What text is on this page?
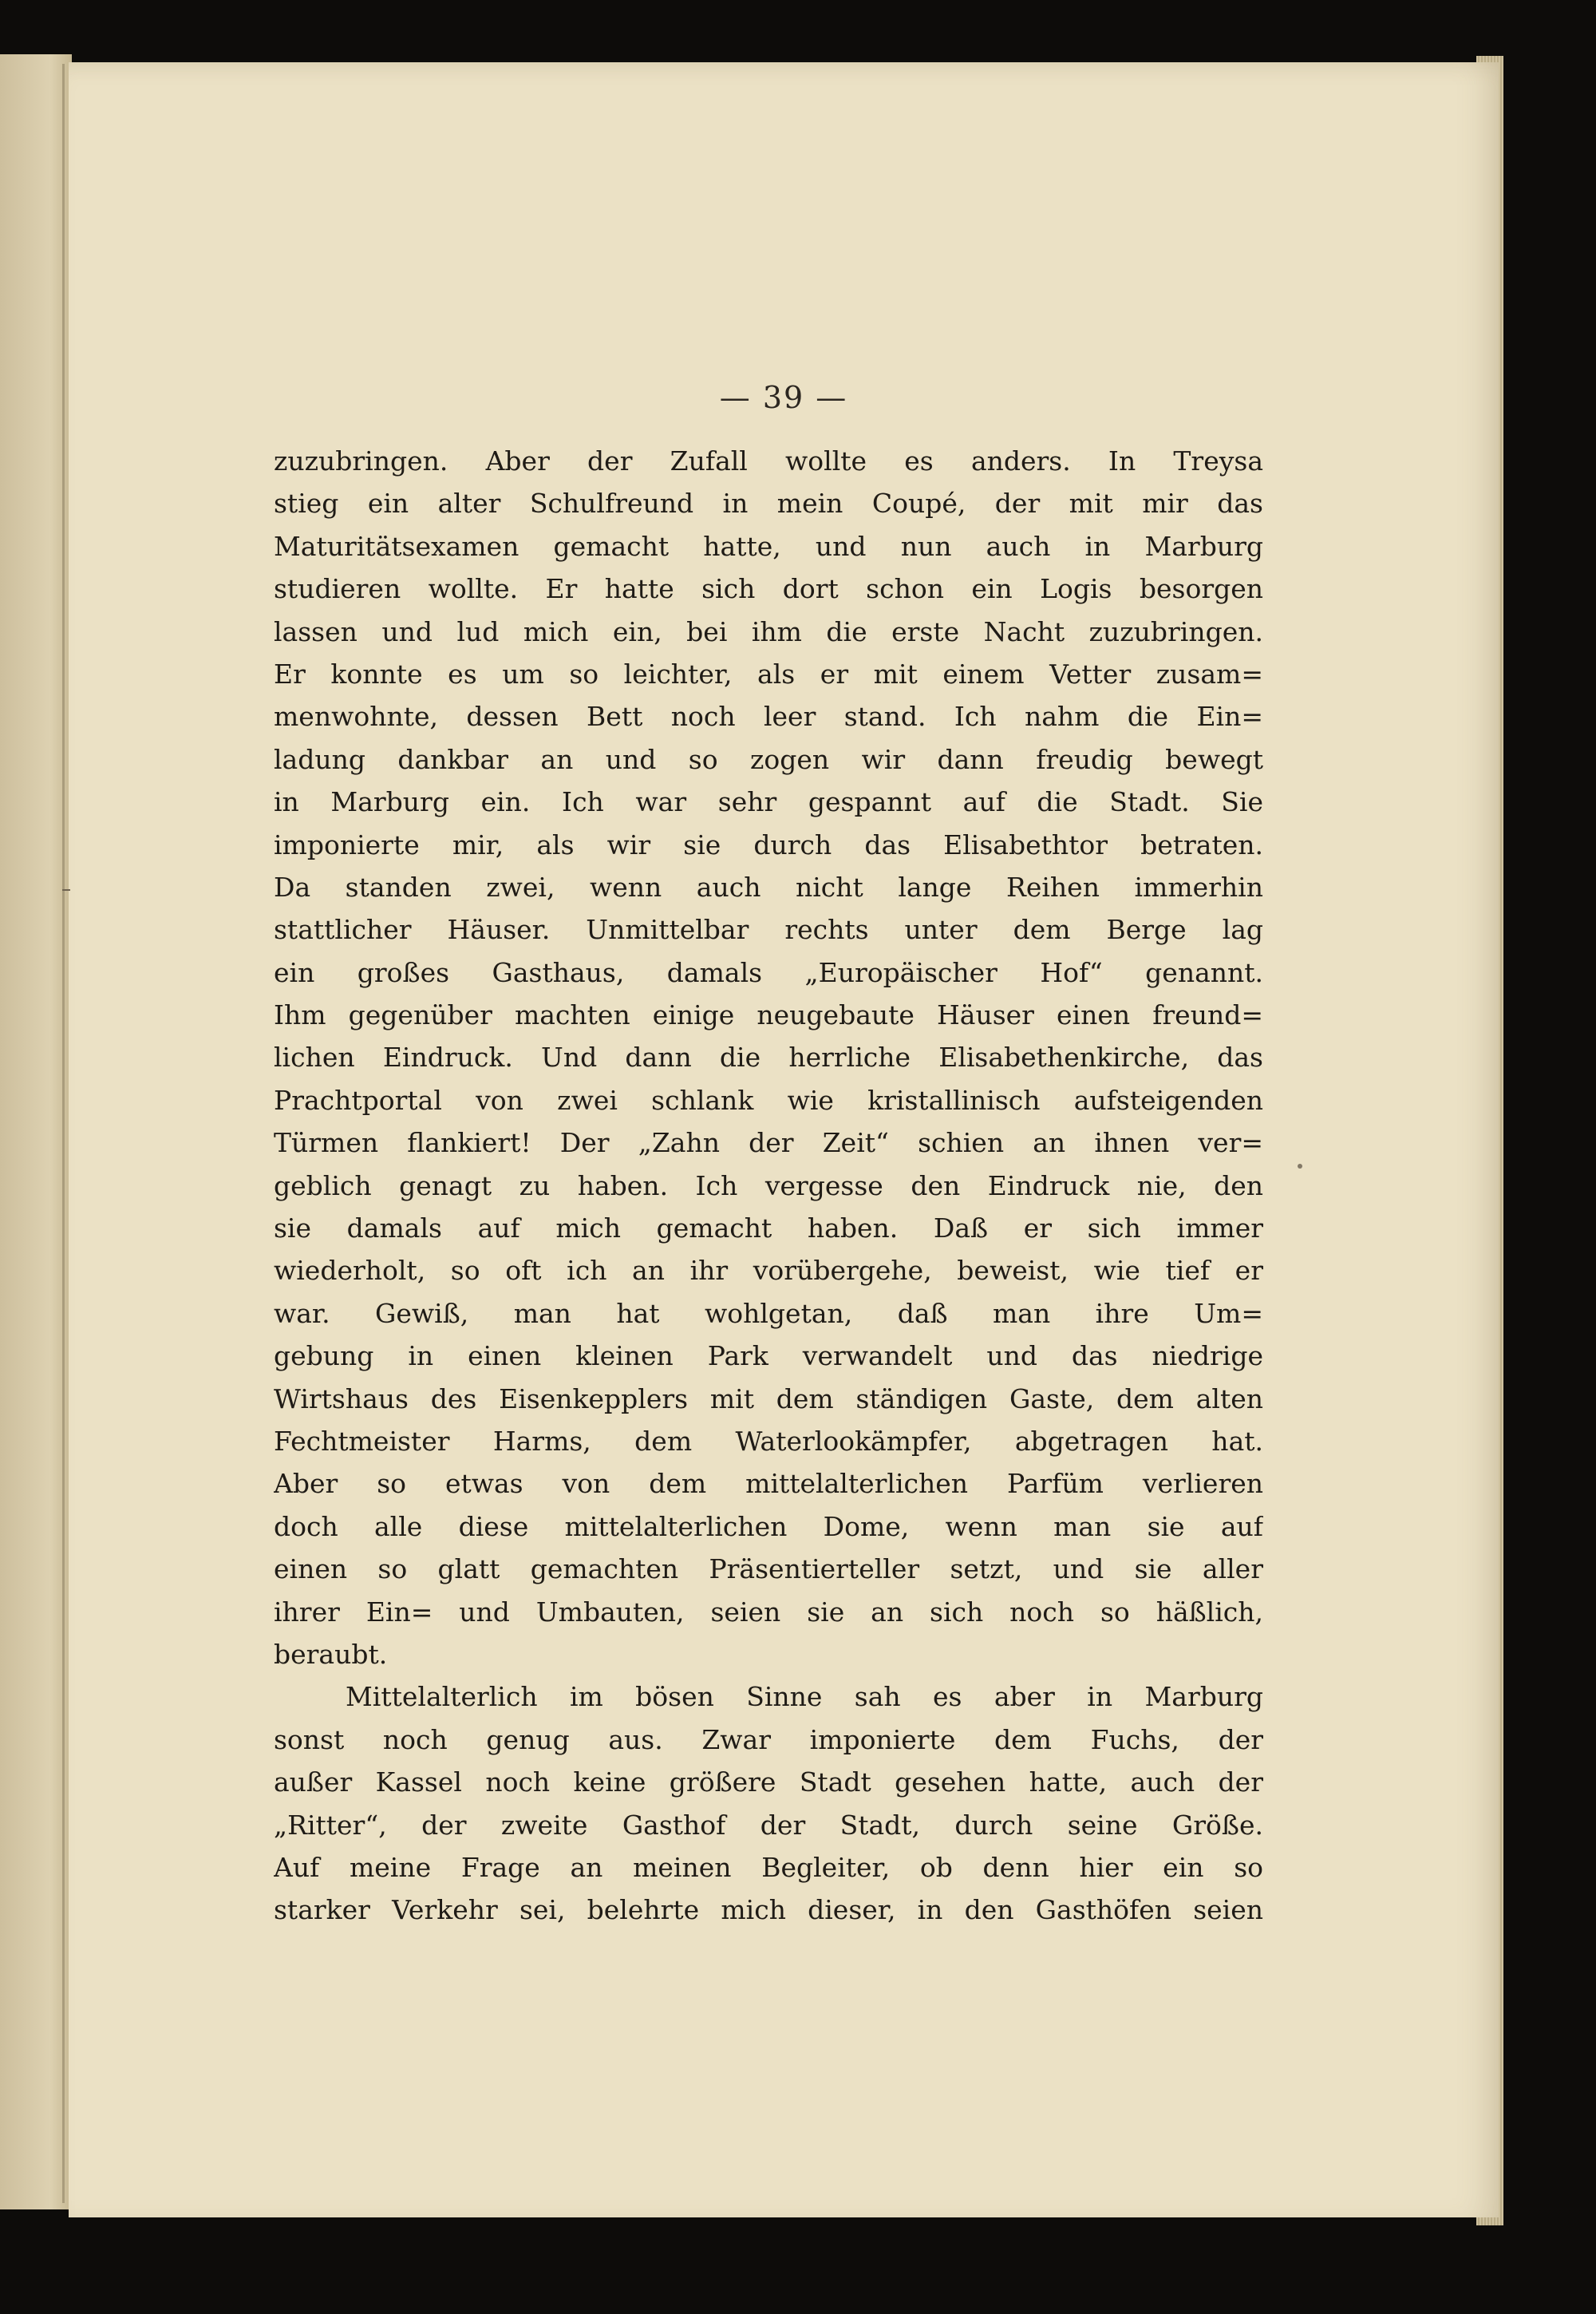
— 39 —
zuzubringen. Aber der Zufall wollte es anders. In Treysa
stieg ein alter Schulfreund in mein Coupé, der mit mir das
Maturitätsexamen gemacht hatte, und nun auch in Marburg
studieren wollte. Er hatte sich dort schon ein Logis besorgen
lassen und lud mich ein, bei ihm die erste Nacht zuzubringen.
Er konnte es um so leichter, als er mit einem Vetter zusam=
menwohnte, dessen Bett noch leer stand. Ich nahm die Ein=
ladung dankbar an und so zogen wir dann freudig bewegt
in Marburg ein. Ich war sehr gespannt auf die Stadt. Sie
imponierte mir, als wir sie durch das Elisabethtor betraten.
Da standen zwei, wenn auch nicht lange Reihen immerhin
stattlicher Häuser. Unmittelbar rechts unter dem Berge lag
ein großes Gasthaus, damals „Europäischer Hof“ genannt.
Ihm gegenüber machten einige neugebaute Häuser einen freund=
lichen Eindruck. Und dann die herrliche Elisabethenkirche, das
Prachtportal von zwei schlank wie kristallinisch aufsteigenden
Türmen flankiert! Der „Zahn der Zeit“ schien an ihnen ver=
geblich genagt zu haben. Ich vergesse den Eindruck nie, den
sie damals auf mich gemacht haben. Daß er sich immer
wiederholt, so oft ich an ihr vorübergehe, beweist, wie tief er
war. Gewiß, man hat wohlgetan, daß man ihre Um=
gebung in einen kleinen Park verwandelt und das niedrige
Wirtshaus des Eisenkepplers mit dem ständigen Gaste, dem alten
Fechtmeister Harms, dem Waterlookämpfer, abgetragen hat.
Aber so etwas von dem mittelalterlichen Parfüm verlieren
doch alle diese mittelalterlichen Dome, wenn man sie auf
einen so glatt gemachten Präsentierteller setzt, und sie aller
ihrer Ein= und Umbauten, seien sie an sich noch so häßlich,
beraubt.
Mittelalterlich im bösen Sinne sah es aber in Marburg
sonst noch genug aus. Zwar imponierte dem Fuchs, der
außer Kassel noch keine größere Stadt gesehen hatte, auch der
„Ritter“, der zweite Gasthof der Stadt, durch seine Größe.
Auf meine Frage an meinen Begleiter, ob denn hier ein so
starker Verkehr sei, belehrte mich dieser, in den Gasthöfen seien
